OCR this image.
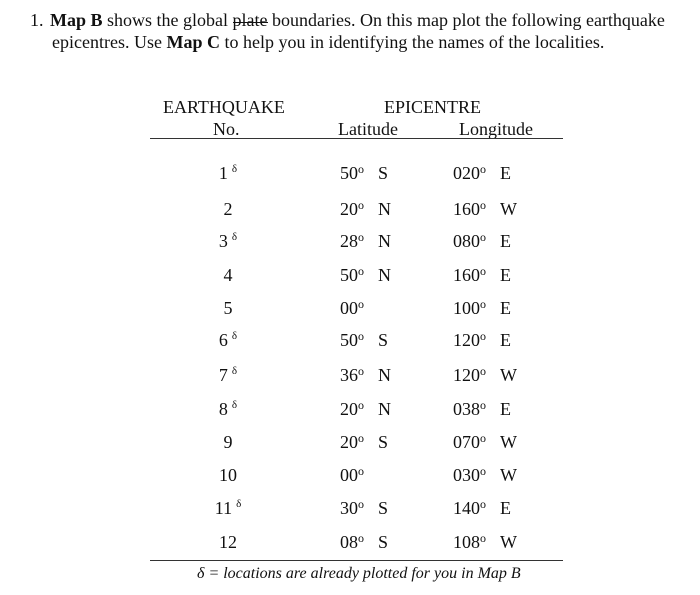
1. Map B shows the global plate boundaries. On this map plot the following earthquake
epicentres. Use Map C to help you in identifying the names of the localities.
EARTHQUAKE
No.
EPICENTRE
Latitude	Longitude
1 $^\delta$	50$^o$ S	020$^o$ E
2	20$^o$ N	160$^o$ W
3 $^\delta$	28$^o$ N	080$^o$ E
4	50$^o$ N	160$^o$ E
5	00$^o$	100$^o$ E
6 $^\delta$	50$^o$ S	120$^o$ E
7 $^\delta$	36$^o$ N	120$^o$ W
8 $^\delta$	20$^o$ N	038$^o$ E
9	20$^o$ S	070$^o$ W
10	00$^o$	030$^o$ W
11 $^\delta$	30$^o$ S	140$^o$ E
12	08$^o$ S	108$^o$ W
δ = locations are already plotted for you in Map B
